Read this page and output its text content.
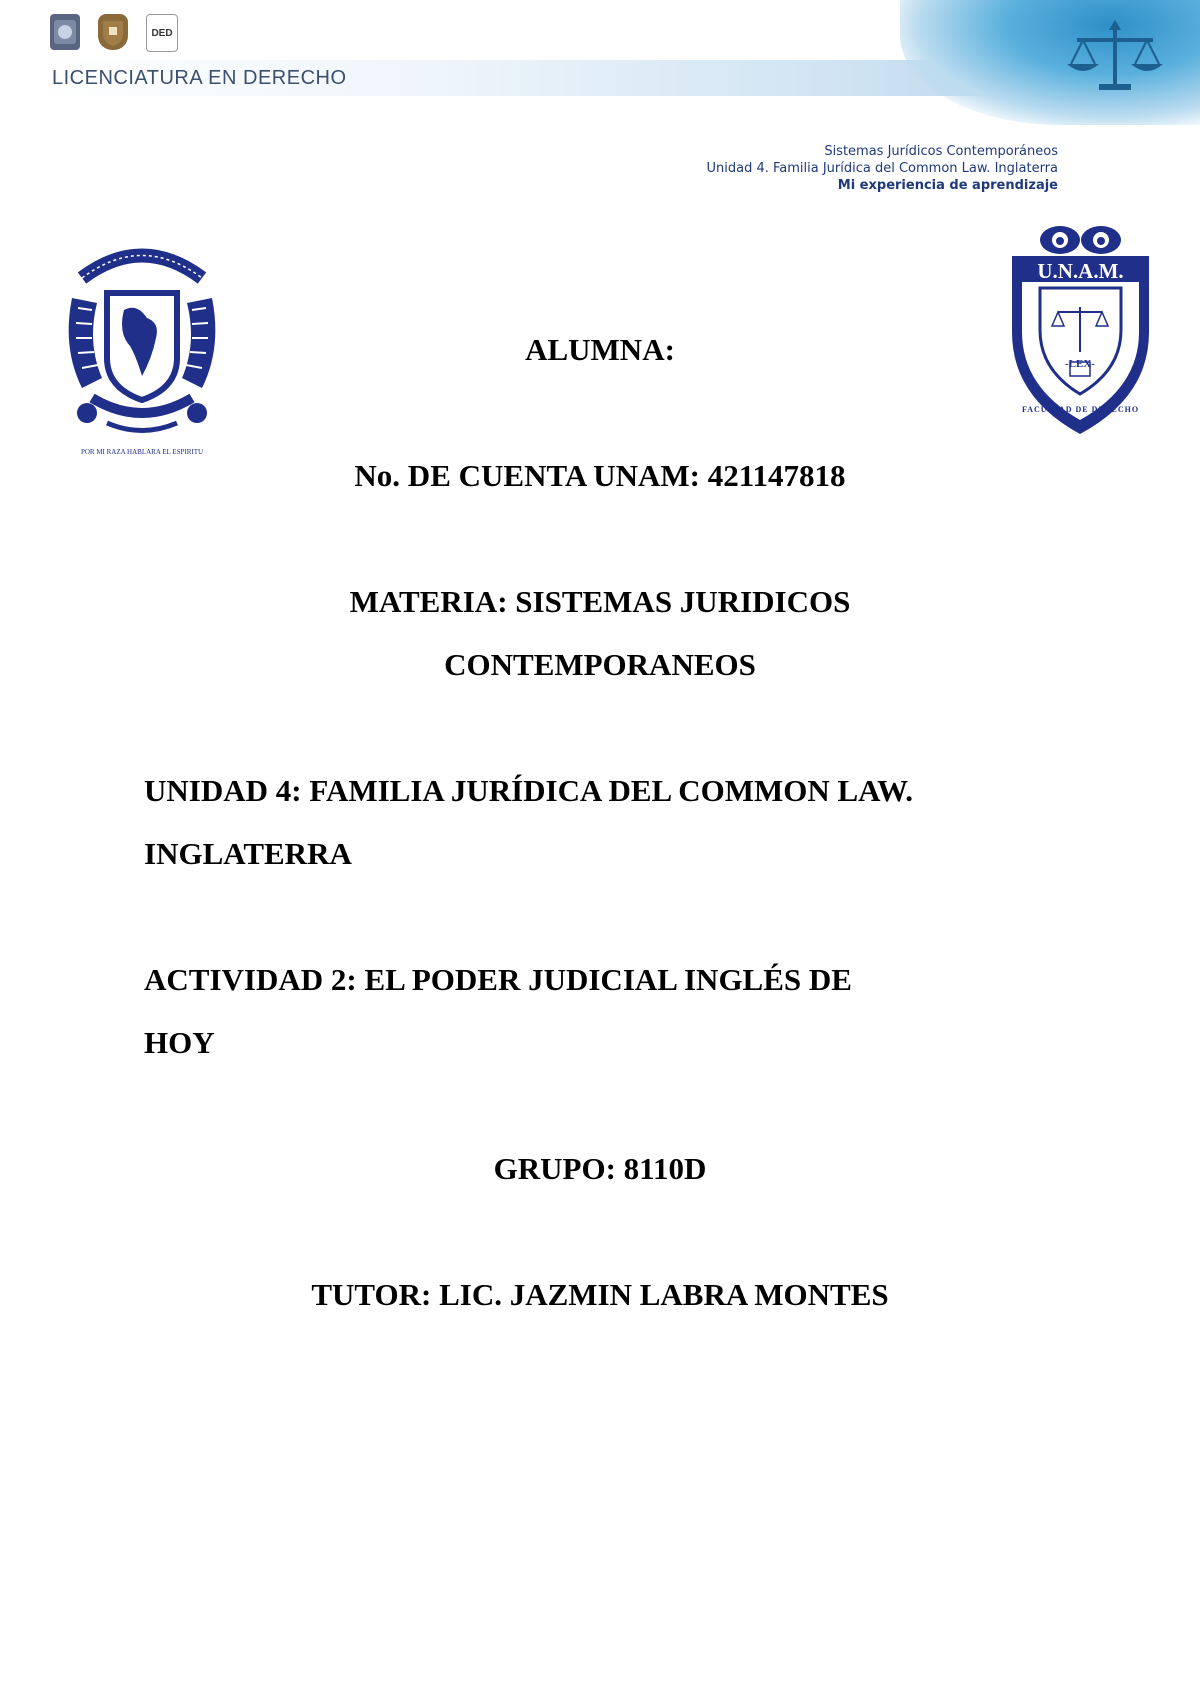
DED
LICENCIATURA EN DERECHO
Sistemas Jurídicos Contemporáneos
Unidad 4. Familia Jurídica del Common Law. Inglaterra
Mi experiencia de aprendizaje
U.N.A.M.
FACULTAD DE DERECHO
-LEX-
POR MI RAZA HABLARA EL ESPIRITU
ALUMNA:
No. DE CUENTA UNAM: 421147818
MATERIA: SISTEMAS JURIDICOS
CONTEMPORANEOS
UNIDAD 4: FAMILIA JURÍDICA DEL COMMON LAW.
INGLATERRA
ACTIVIDAD 2: EL PODER JUDICIAL INGLÉS DE
HOY
GRUPO: 8110D
TUTOR: LIC. JAZMIN LABRA MONTES
